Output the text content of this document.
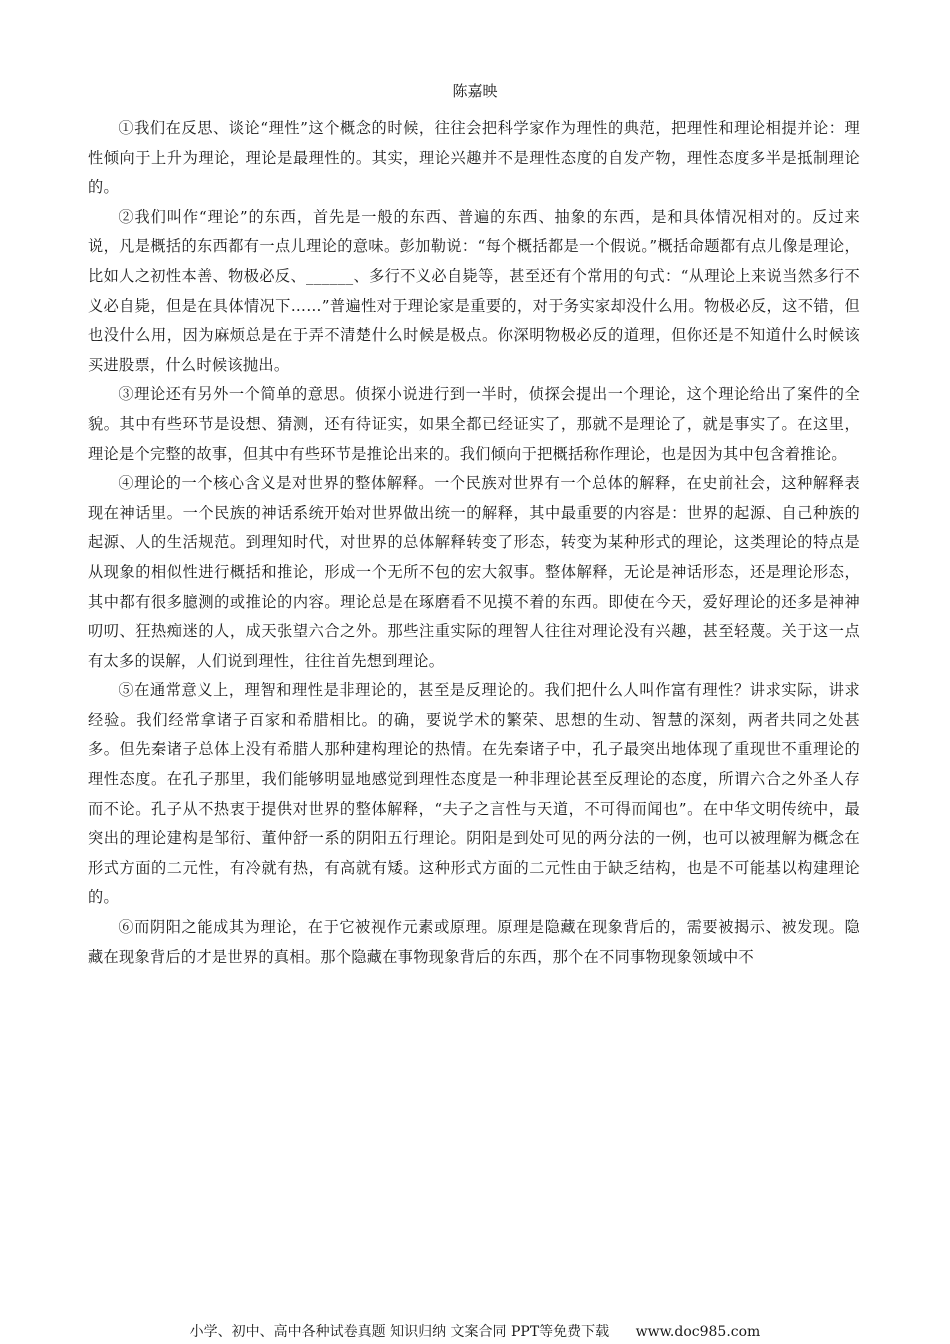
陈嘉映

①我们在反思、谈论“理性”这个概念的时候，往往会把科学家作为理性的典范，把理性和理论相提并论：理性倾向于上升为理论，理论是最理性的。其实，理论兴趣并不是理性态度的自发产物，理性态度多半是抵制理论的。

②我们叫作“理论”的东西，首先是一般的东西、普遍的东西、抽象的东西，是和具体情况相对的。反过来说，凡是概括的东西都有一点儿理论的意味。彭加勒说：“每个概括都是一个假说。”概括命题都有点儿像是理论，比如人之初性本善、物极必反、______、多行不义必自毙等，甚至还有个常用的句式：“从理论上来说当然多行不义必自毙，但是在具体情况下……”普遍性对于理论家是重要的，对于务实家却没什么用。物极必反，这不错，但也没什么用，因为麻烦总是在于弄不清楚什么时候是极点。你深明物极必反的道理，但你还是不知道什么时候该买进股票，什么时候该抛出。

③理论还有另外一个简单的意思。侦探小说进行到一半时，侦探会提出一个理论，这个理论给出了案件的全貌。其中有些环节是设想、猜测，还有待证实，如果全都已经证实了，那就不是理论了，就是事实了。在这里，理论是个完整的故事，但其中有些环节是推论出来的。我们倾向于把概括称作理论，也是因为其中包含着推论。

④理论的一个核心含义是对世界的整体解释。一个民族对世界有一个总体的解释，在史前社会，这种解释表现在神话里。一个民族的神话系统开始对世界做出统一的解释，其中最重要的内容是：世界的起源、自己种族的起源、人的生活规范。到理知时代，对世界的总体解释转变了形态，转变为某种形式的理论，这类理论的特点是从现象的相似性进行概括和推论，形成一个无所不包的宏大叙事。整体解释，无论是神话形态，还是理论形态，其中都有很多臆测的或推论的内容。理论总是在琢磨看不见摸不着的东西。即使在今天，爱好理论的还多是神神叨叨、狂热痴迷的人，成天张望六合之外。那些注重实际的理智人往往对理论没有兴趣，甚至轻蔑。关于这一点有太多的误解，人们说到理性，往往首先想到理论。

⑤在通常意义上，理智和理性是非理论的，甚至是反理论的。我们把什么人叫作富有理性？讲求实际，讲求经验。我们经常拿诸子百家和希腊相比。的确，要说学术的繁荣、思想的生动、智慧的深刻，两者共同之处甚多。但先秦诸子总体上没有希腊人那种建构理论的热情。在先秦诸子中，孔子最突出地体现了重现世不重理论的理性态度。在孔子那里，我们能够明显地感觉到理性态度是一种非理论甚至反理论的态度，所谓六合之外圣人存而不论。孔子从不热衷于提供对世界的整体解释，“夫子之言性与天道，不可得而闻也”。在中华文明传统中，最突出的理论建构是邹衍、董仲舒一系的阴阳五行理论。阴阳是到处可见的两分法的一例，也可以被理解为概念在形式方面的二元性，有冷就有热，有高就有矮。这种形式方面的二元性由于缺乏结构，也是不可能基以构建理论的。

⑥而阴阳之能成其为理论，在于它被视作元素或原理。原理是隐藏在现象背后的，需要被揭示、被发现。隐藏在现象背后的才是世界的真相。那个隐藏在事物现象背后的东西，那个在不同事物现象领域中不

小学、初中、高中各种试卷真题 知识归纳 文案合同 PPT等免费下载 www.doc985.com
